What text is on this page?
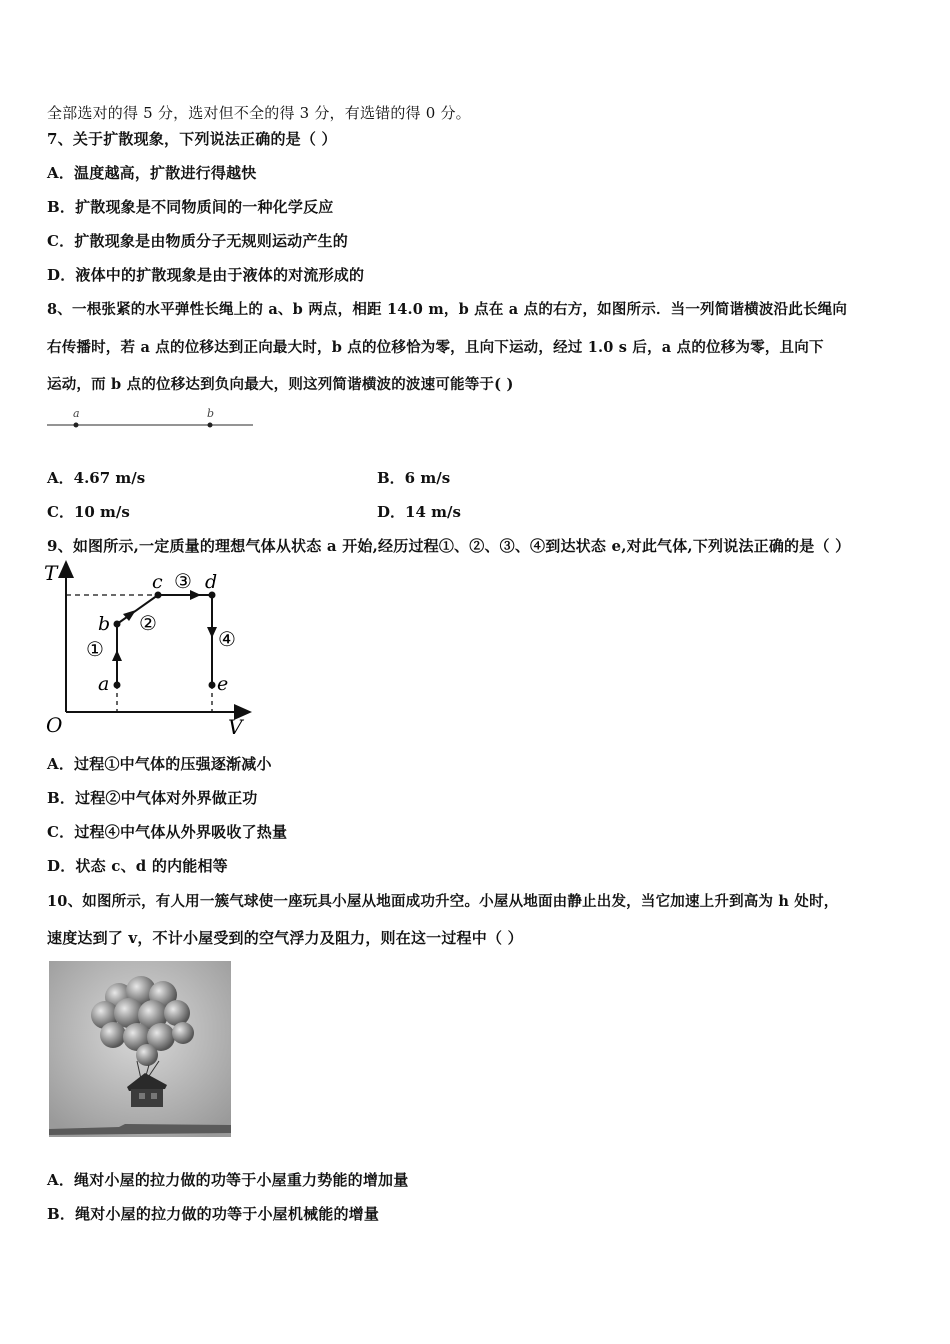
全部选对的得 5 分，选对但不全的得 3 分，有选错的得 0 分。
7、关于扩散现象，下列说法正确的是（ ）
A．温度越高，扩散进行得越快
B．扩散现象是不同物质间的一种化学反应
C．扩散现象是由物质分子无规则运动产生的
D．液体中的扩散现象是由于液体的对流形成的
8、一根张紧的水平弹性长绳上的 a、b 两点，相距 14.0 m，b 点在 a 点的右方，如图所示．当一列简谐横波沿此长绳向
右传播时，若 a 点的位移达到正向最大时，b 点的位移恰为零，且向下运动，经过 1.0 s 后，a 点的位移为零，且向下
运动，而 b 点的位移达到负向最大，则这列简谐横波的波速可能等于( )
a	b
A．4.67 m/s	B．6 m/s
C．10 m/s	D．14 m/s
9、如图所示,一定质量的理想气体从状态 a 开始,经历过程①、②、③、④到达状态 e,对此气体,下列说法正确的是（ ）
T
V
O
a
b
c d
e
①
②
③
④
A．过程①中气体的压强逐渐减小
B．过程②中气体对外界做正功
C．过程④中气体从外界吸收了热量
D．状态 c、d 的内能相等
10、如图所示，有人用一簇气球使一座玩具小屋从地面成功升空。小屋从地面由静止出发，当它加速上升到高为 h 处时，
速度达到了 v，不计小屋受到的空气浮力及阻力，则在这一过程中（ ）
A．绳对小屋的拉力做的功等于小屋重力势能的增加量
B．绳对小屋的拉力做的功等于小屋机械能的增量
